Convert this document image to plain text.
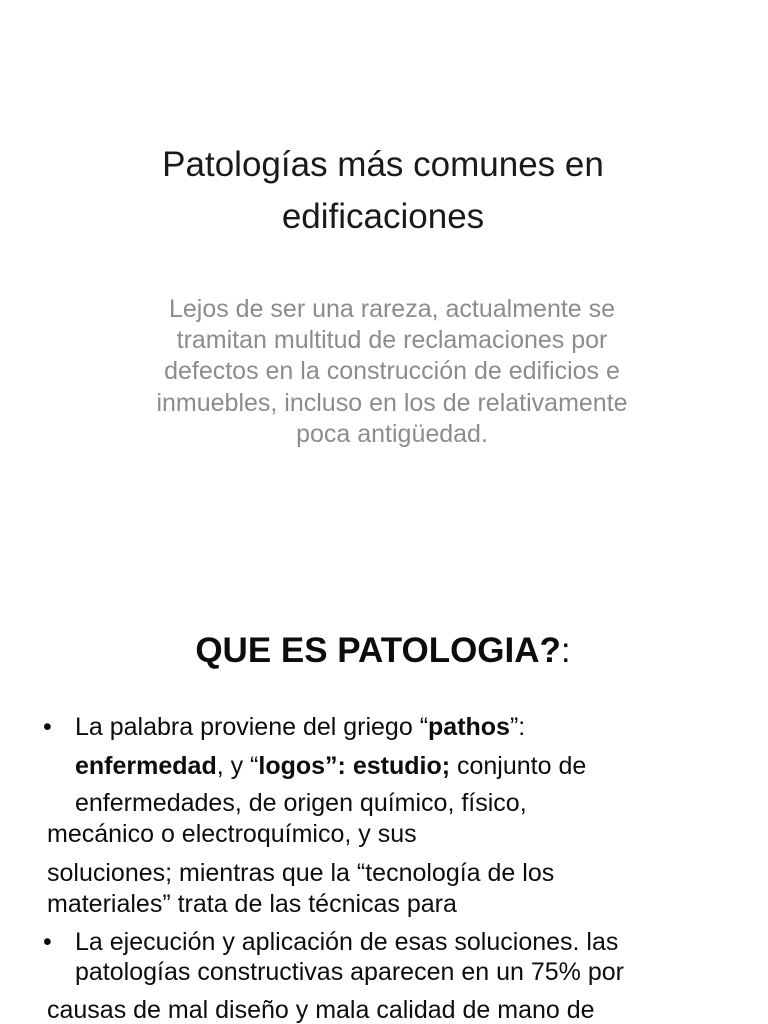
Patologías más comunes en
edificaciones
Lejos de ser una rareza, actualmente se
tramitan multitud de reclamaciones por
defectos en la construcción de edificios e
inmuebles, incluso en los de relativamente
poca antigüedad.
QUE ES PATOLOGIA?:
• La palabra proviene del griego “pathos”:
enfermedad, y “logos”: estudio; conjunto de
enfermedades, de origen químico, físico,
mecánico o electroquímico, y sus
soluciones; mientras que la “tecnología de los
materiales” trata de las técnicas para
• La ejecución y aplicación de esas soluciones. las
patologías constructivas aparecen en un 75% por
causas de mal diseño y mala calidad de mano de
